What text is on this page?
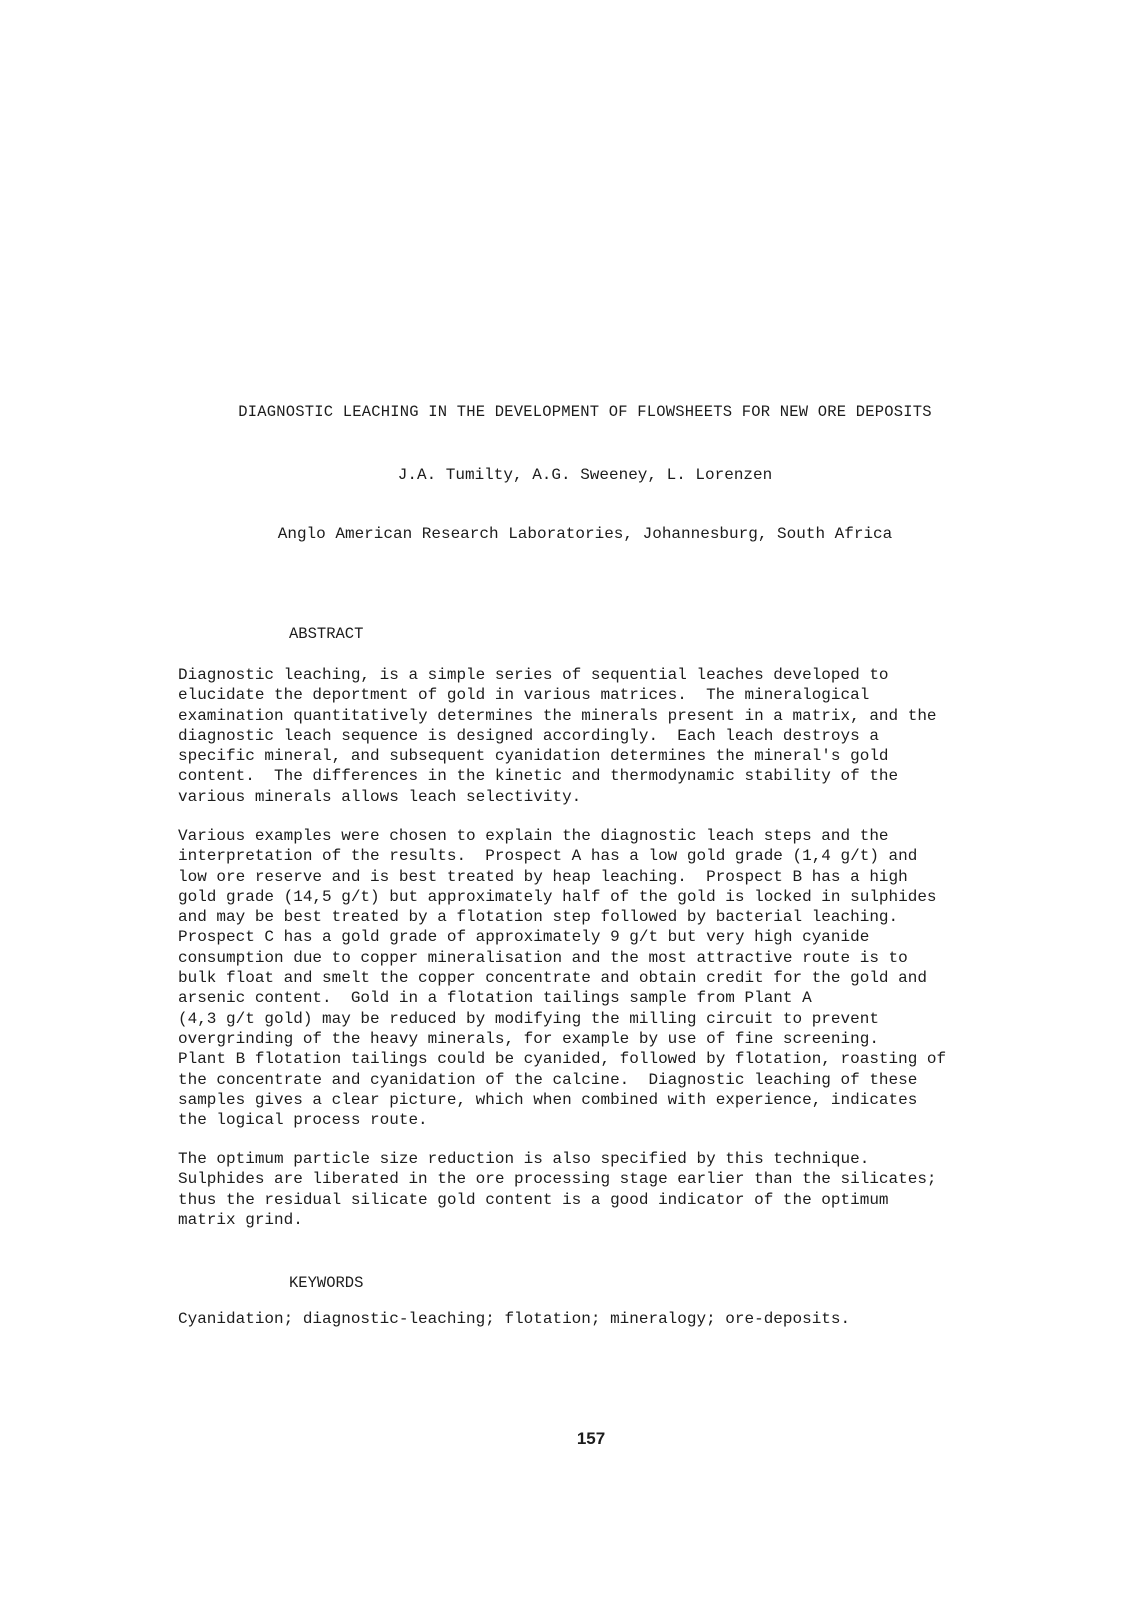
DIAGNOSTIC LEACHING IN THE DEVELOPMENT OF FLOWSHEETS FOR NEW ORE DEPOSITS
J.A. Tumilty, A.G. Sweeney, L. Lorenzen
Anglo American Research Laboratories, Johannesburg, South Africa
ABSTRACT

Diagnostic leaching, is a simple series of sequential leaches developed to
elucidate the deportment of gold in various matrices.  The mineralogical
examination quantitatively determines the minerals present in a matrix, and the
diagnostic leach sequence is designed accordingly.  Each leach destroys a
specific mineral, and subsequent cyanidation determines the mineral's gold
content.  The differences in the kinetic and thermodynamic stability of the
various minerals allows leach selectivity.

Various examples were chosen to explain the diagnostic leach steps and the
interpretation of the results.  Prospect A has a low gold grade (1,4 g/t) and
low ore reserve and is best treated by heap leaching.  Prospect B has a high
gold grade (14,5 g/t) but approximately half of the gold is locked in sulphides
and may be best treated by a flotation step followed by bacterial leaching.
Prospect C has a gold grade of approximately 9 g/t but very high cyanide
consumption due to copper mineralisation and the most attractive route is to
bulk float and smelt the copper concentrate and obtain credit for the gold and
arsenic content.  Gold in a flotation tailings sample from Plant A
(4,3 g/t gold) may be reduced by modifying the milling circuit to prevent
overgrinding of the heavy minerals, for example by use of fine screening.
Plant B flotation tailings could be cyanided, followed by flotation, roasting of
the concentrate and cyanidation of the calcine.  Diagnostic leaching of these
samples gives a clear picture, which when combined with experience, indicates
the logical process route.

The optimum particle size reduction is also specified by this technique.
Sulphides are liberated in the ore processing stage earlier than the silicates;
thus the residual silicate gold content is a good indicator of the optimum
matrix grind.

KEYWORDS
Cyanidation; diagnostic-leaching; flotation; mineralogy; ore-deposits.
157
